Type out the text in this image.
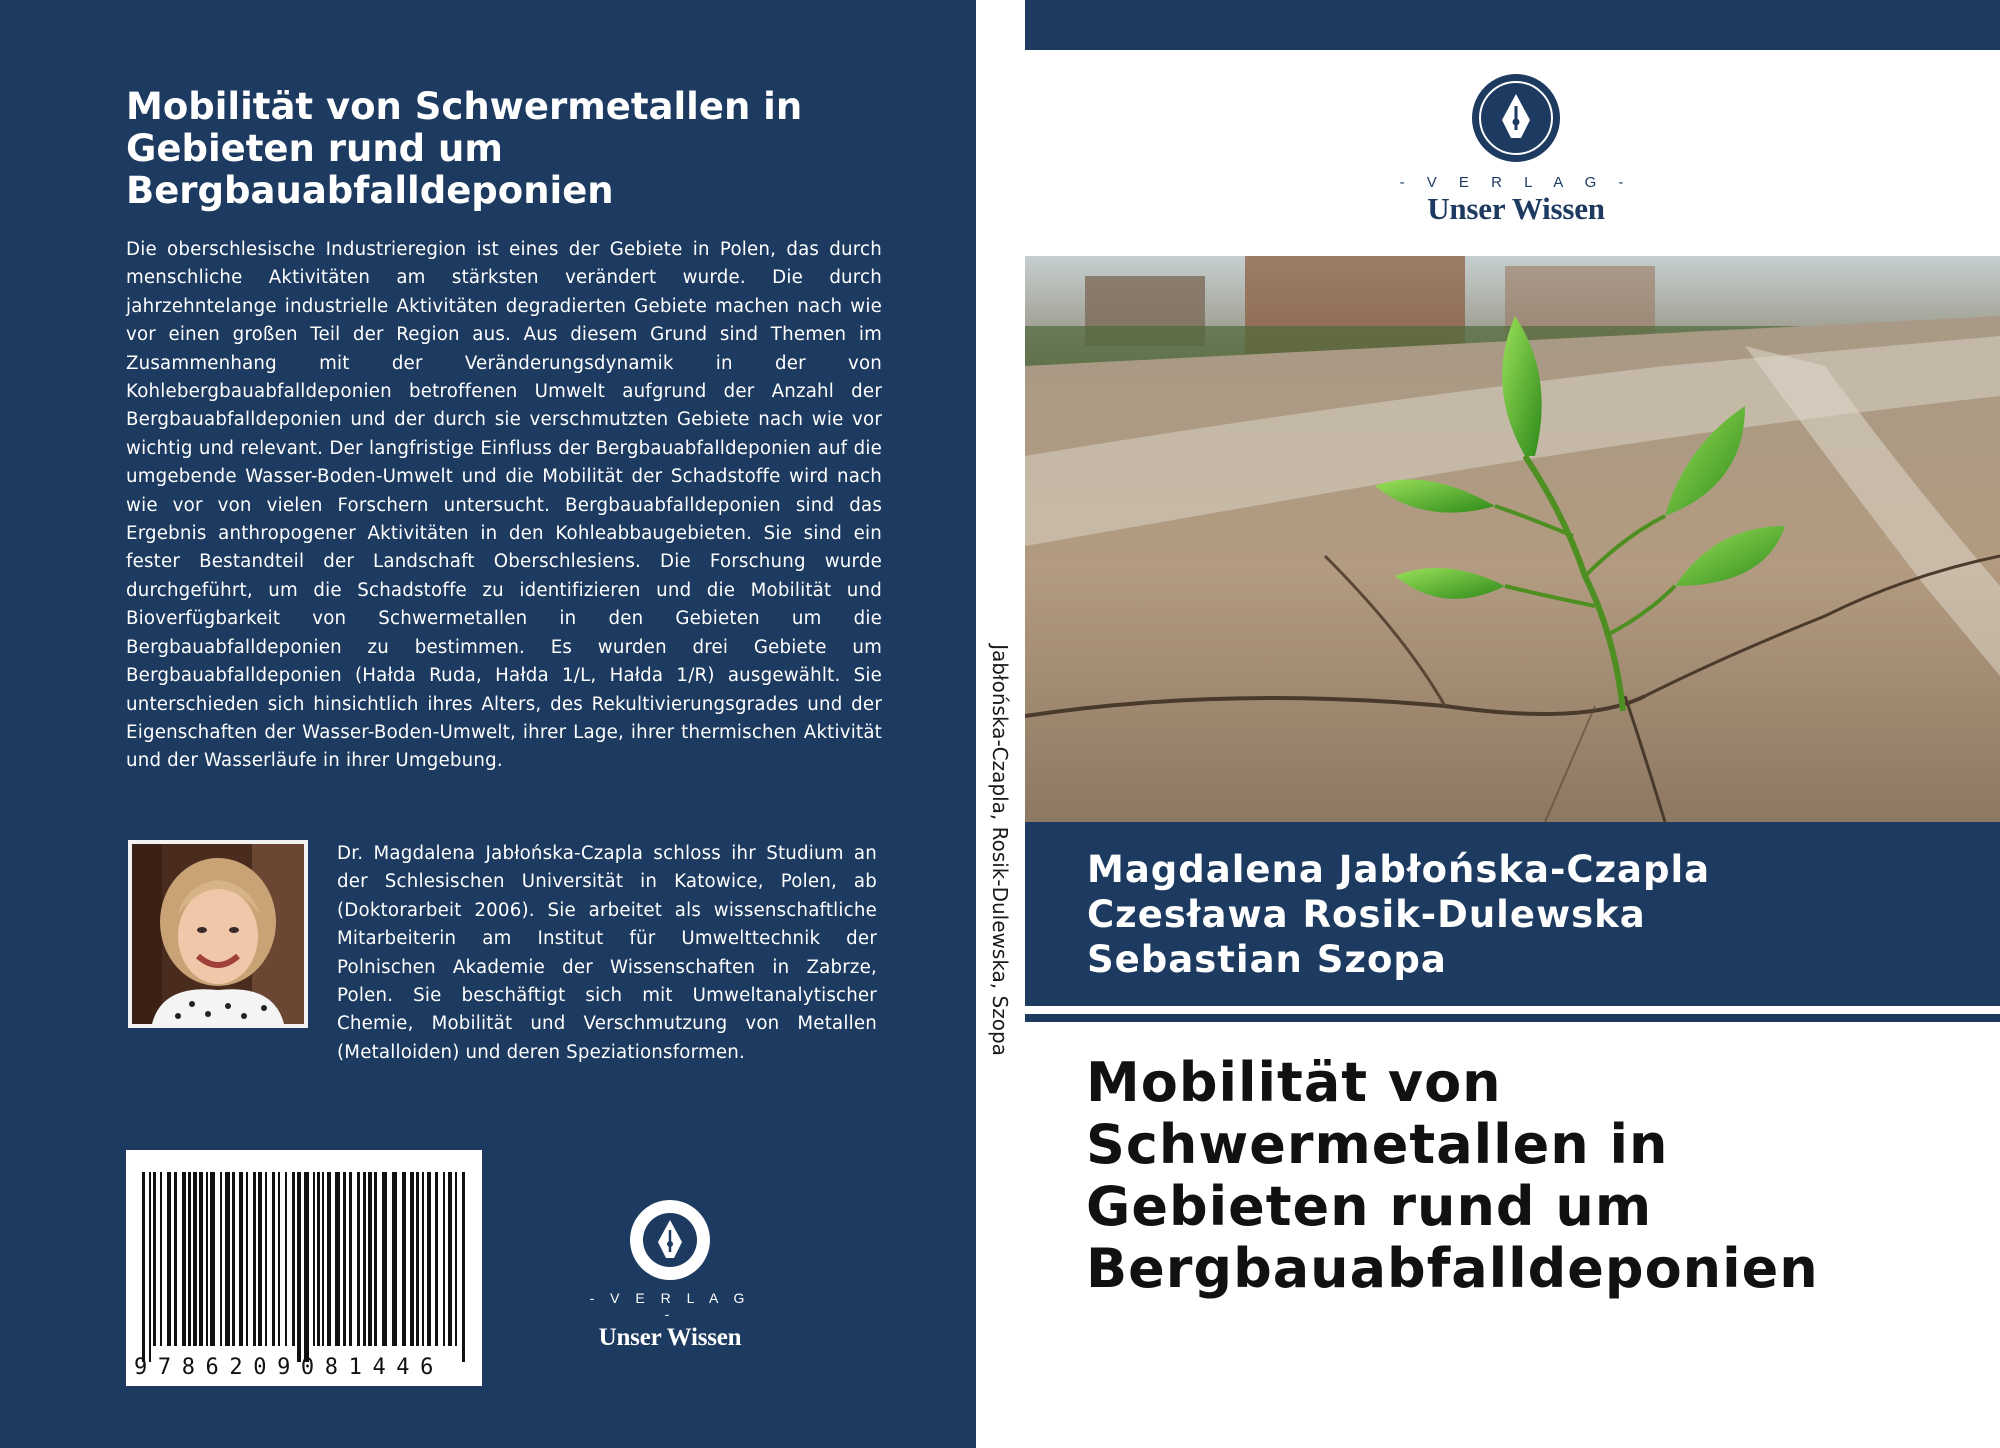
Mobilität von Schwermetallen in Gebieten rund um Bergbauabfalldeponien

Die oberschlesische Industrieregion ist eines der Gebiete in Polen, das durch menschliche Aktivitäten am stärksten verändert wurde. Die durch jahrzehntelange industrielle Aktivitäten degradierten Gebiete machen nach wie vor einen großen Teil der Region aus. Aus diesem Grund sind Themen im Zusammenhang mit der Veränderungsdynamik in der von Kohlebergbauabfalldeponien betroffenen Umwelt aufgrund der Anzahl der Bergbauabfalldeponien und der durch sie verschmutzten Gebiete nach wie vor wichtig und relevant. Der langfristige Einfluss der Bergbauabfalldeponien auf die umgebende Wasser-Boden-Umwelt und die Mobilität der Schadstoffe wird nach wie vor von vielen Forschern untersucht. Bergbauabfalldeponien sind das Ergebnis anthropogener Aktivitäten in den Kohleabbaugebieten. Sie sind ein fester Bestandteil der Landschaft Oberschlesiens. Die Forschung wurde durchgeführt, um die Schadstoffe zu identifizieren und die Mobilität und Bioverfügbarkeit von Schwermetallen in den Gebieten um die Bergbauabfalldeponien zu bestimmen. Es wurden drei Gebiete um Bergbauabfalldeponien (Hałda Ruda, Hałda 1/L, Hałda 1/R) ausgewählt. Sie unterschieden sich hinsichtlich ihres Alters, des Rekultivierungsgrades und der Eigenschaften der Wasser-Boden-Umwelt, ihrer Lage, ihrer thermischen Aktivität und der Wasserläufe in ihrer Umgebung.

Dr. Magdalena Jabłońska-Czapla schloss ihr Studium an der Schlesischen Universität in Katowice, Polen, ab (Doktorarbeit 2006). Sie arbeitet als wissenschaftliche Mitarbeiterin am Institut für Umwelttechnik der Polnischen Akademie der Wissenschaften in Zabrze, Polen. Sie beschäftigt sich mit Umweltanalytischer Chemie, Mobilität und Verschmutzung von Metallen (Metalloiden) und deren Speziationsformen.

9786209081446
- V E R L A G -
Unser Wissen
Jabłońska-Czapla, Rosik-Dulewska, Szopa
- V E R L A G -
Unser Wissen
Magdalena Jabłońska-Czapla
Czesława Rosik-Dulewska
Sebastian Szopa
Mobilität von Schwermetallen in Gebieten rund um Bergbauabfalldeponien
